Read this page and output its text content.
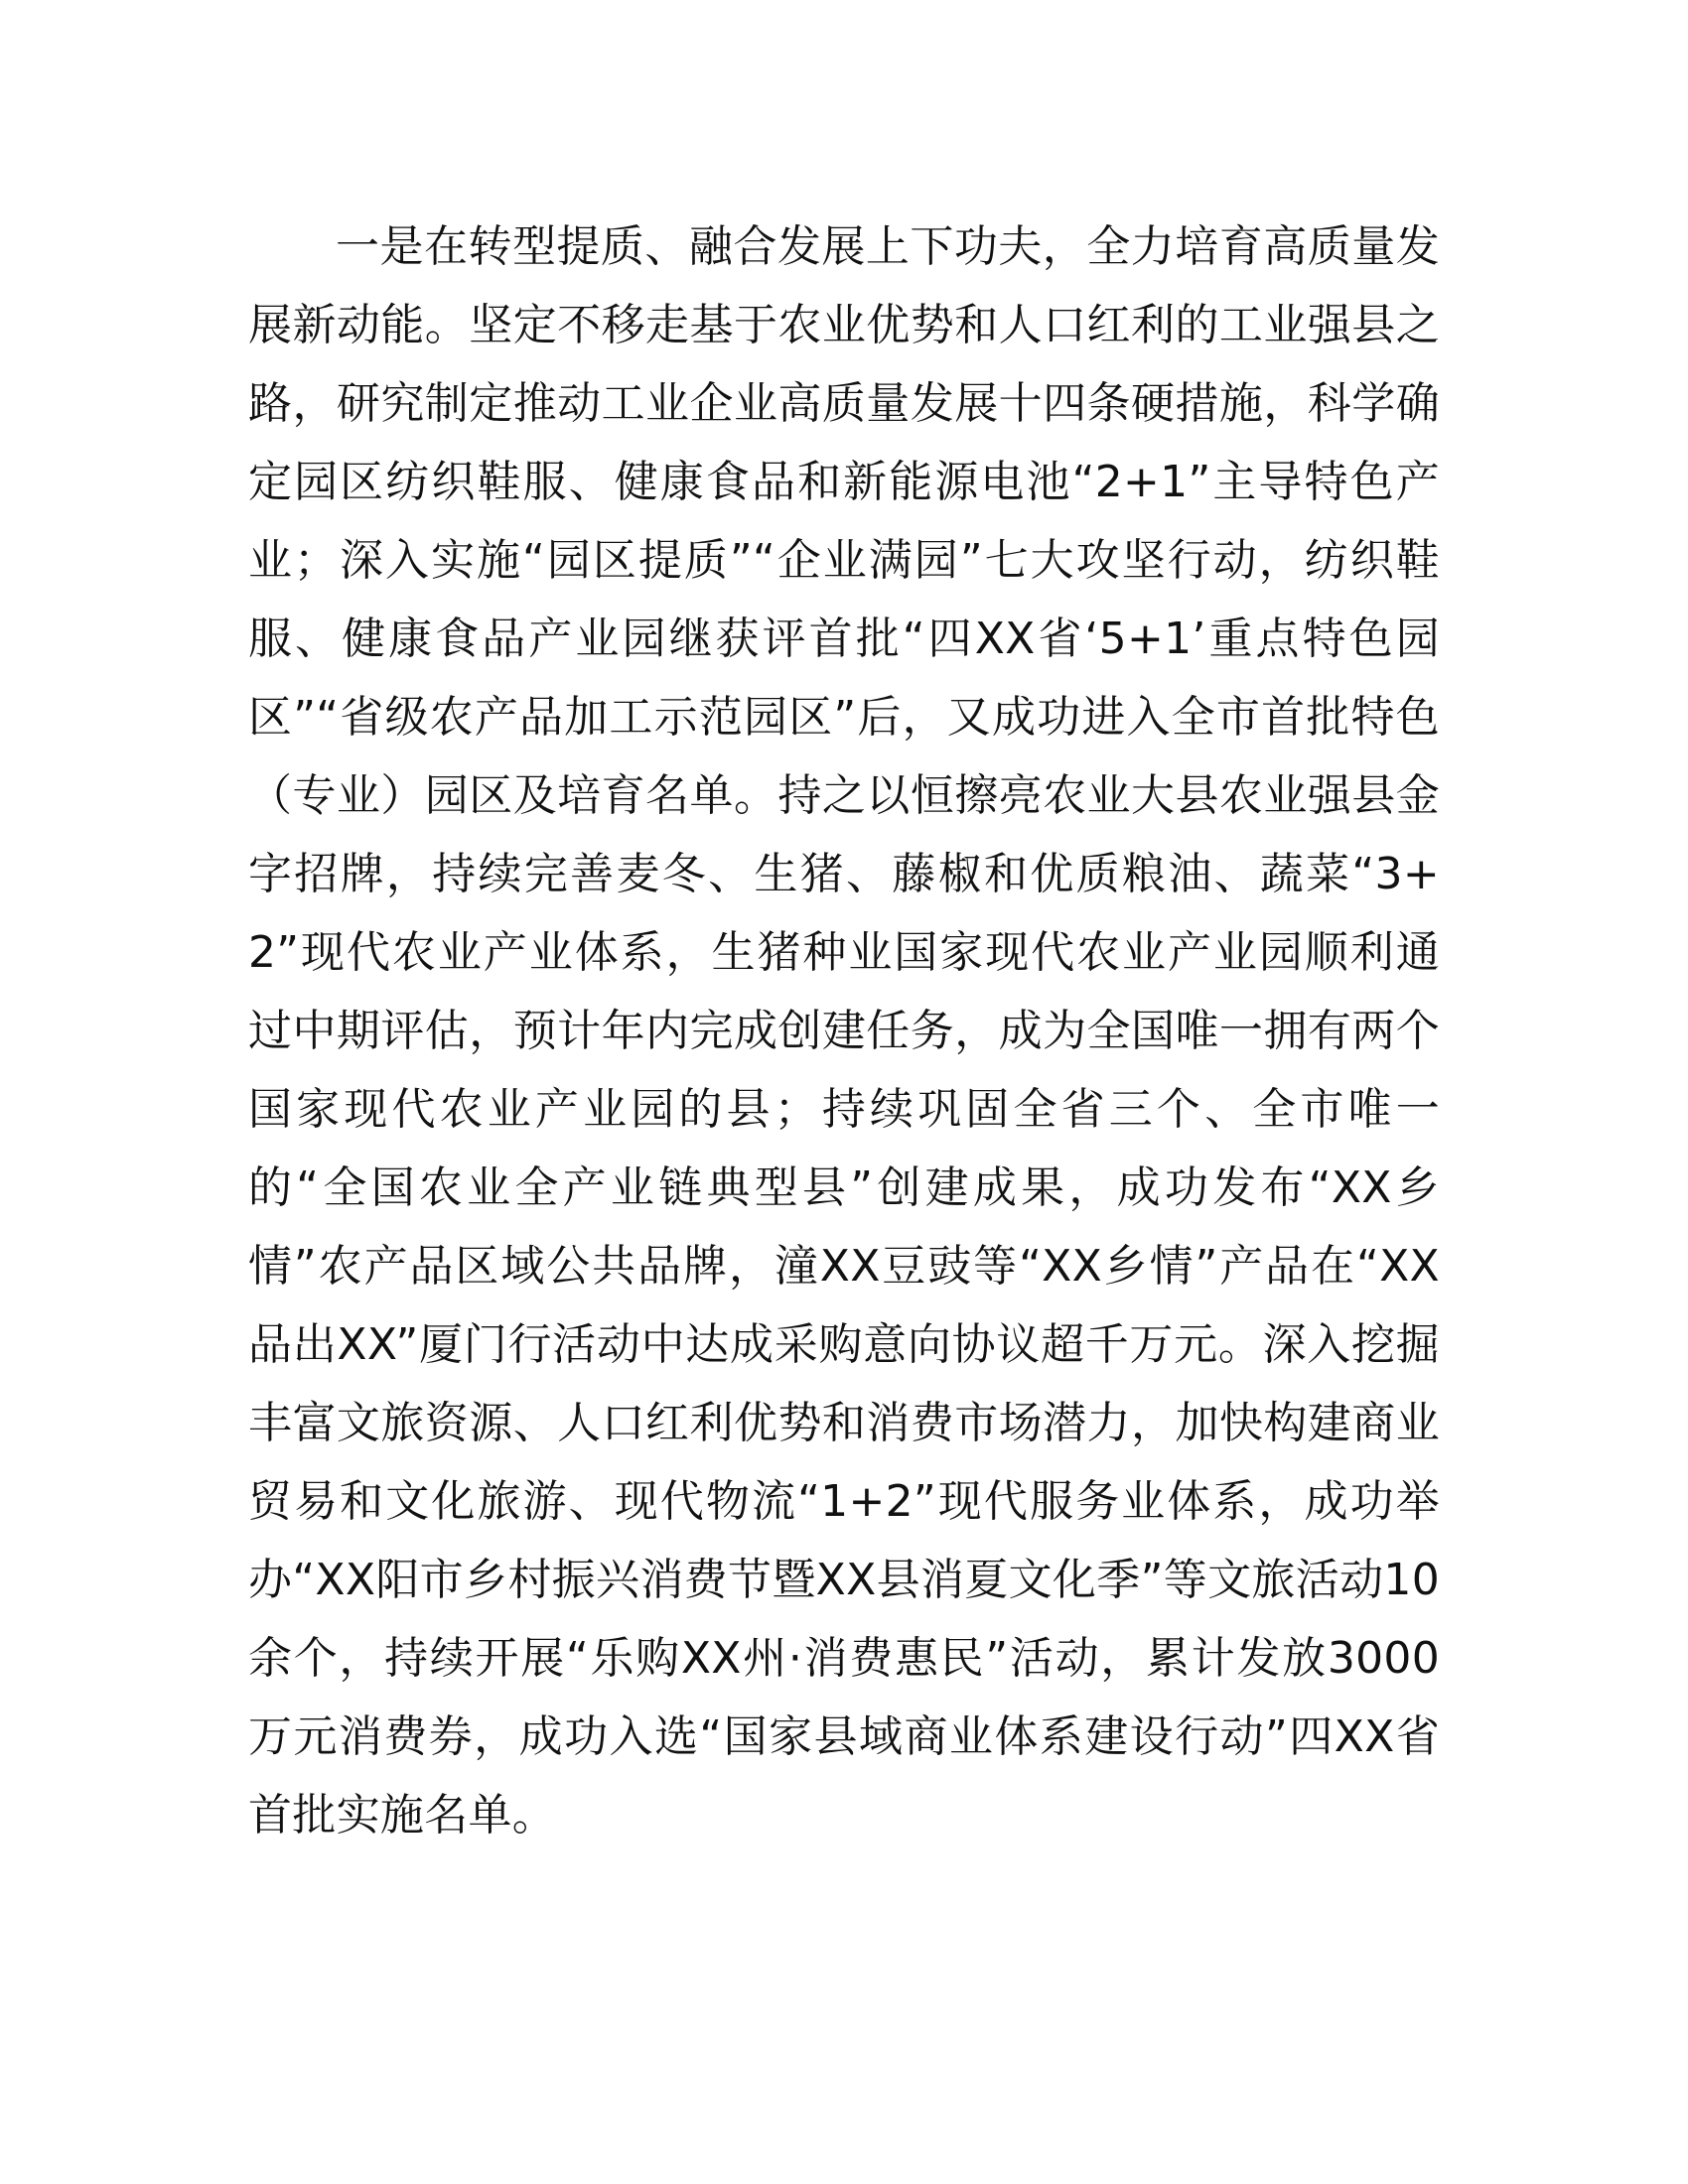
一是在转型提质、融合发展上下功夫，全力培育高质量发展新动能。坚定不移走基于农业优势和人口红利的工业强县之路，研究制定推动工业企业高质量发展十四条硬措施，科学确定园区纺织鞋服、健康食品和新能源电池“2+1”主导特色产业；深入实施“园区提质”“企业满园”七大攻坚行动，纺织鞋服、健康食品产业园继获评首批“四XX省‘5+1’重点特色园区”“省级农产品加工示范园区”后，又成功进入全市首批特色（专业）园区及培育名单。持之以恒擦亮农业大县农业强县金字招牌，持续完善麦冬、生猪、藤椒和优质粮油、蔬菜“3+2”现代农业产业体系，生猪种业国家现代农业产业园顺利通过中期评估，预计年内完成创建任务，成为全国唯一拥有两个国家现代农业产业园的县；持续巩固全省三个、全市唯一的“全国农业全产业链典型县”创建成果，成功发布“XX乡情”农产品区域公共品牌，潼XX豆豉等“XX乡情”产品在“XX品出XX”厦门行活动中达成采购意向协议超千万元。深入挖掘丰富文旅资源、人口红利优势和消费市场潜力，加快构建商业贸易和文化旅游、现代物流“1+2”现代服务业体系，成功举办“XX阳市乡村振兴消费节暨XX县消夏文化季”等文旅活动10余个，持续开展“乐购XX州·消费惠民”活动，累计发放3000万元消费券，成功入选“国家县域商业体系建设行动”四XX省首批实施名单。
